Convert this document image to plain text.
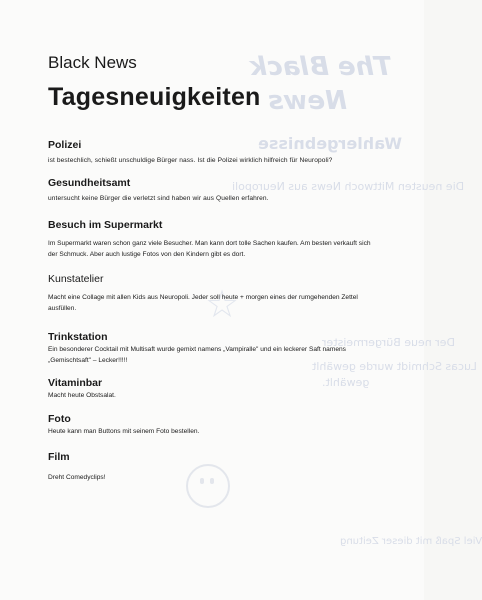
The Black
News
Wahlergebnisse
Die neusten Mittwoch News aus Neuropoli
Der neue Bürgermeister
Lucas Schmidt wurde gewählt
gewählt.
Viel Spaß mit dieser Zeitung
☆
Black News
Tagesneuigkeiten
Polizei

ist bestechlich, schießt unschuldige Bürger nass. Ist die Polizei wirklich hilfreich für Neuropoli?

Gesundheitsamt

untersucht keine Bürger die verletzt sind haben wir aus Quellen erfahren.

Besuch im Supermarkt

Im Supermarkt waren schon ganz viele Besucher. Man kann dort tolle Sachen kaufen. Am besten verkauft sich der Schmuck. Aber auch lustige Fotos von den Kindern gibt es dort.

Kunstatelier

Macht eine Collage mit allen Kids aus Neuropoli. Jeder soll heute + morgen eines der rumgehenden Zettel ausfüllen.

Trinkstation

Ein besonderer Cocktail mit Multisaft wurde gemixt namens „Vampiralle" und ein leckerer Saft namens „Gemischtsaft" – Lecker!!!!!

Vitaminbar

Macht heute Obstsalat.

Foto

Heute kann man Buttons mit seinem Foto bestellen.

Film

Dreht Comedyclips!
